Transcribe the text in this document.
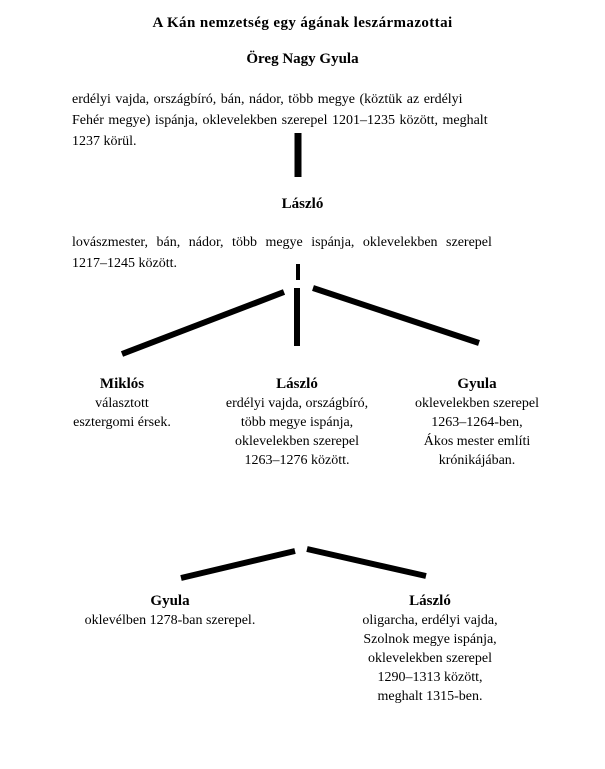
A Kán nemzetség egy ágának leszármazottai
Öreg Nagy Gyula
erdélyi vajda, országbíró, bán, nádor, több megye (köztük az erdélyi
Fehér megye) ispánja, oklevelekben szerepel 1201–1235 között, meghalt
1237 körül.
László
lovászmester, bán, nádor, több megye ispánja, oklevelekben szerepel
1217–1245 között.
Miklós
választott
esztergomi érsek.
László
erdélyi vajda, országbíró,
több megye ispánja,
oklevelekben szerepel
1263–1276 között.
Gyula
oklevelekben szerepel
1263–1264-ben,
Ákos mester említi
krónikájában.
Gyula
oklevélben 1278-ban szerepel.
László
oligarcha, erdélyi vajda,
Szolnok megye ispánja,
oklevelekben szerepel
1290–1313 között,
meghalt 1315-ben.
